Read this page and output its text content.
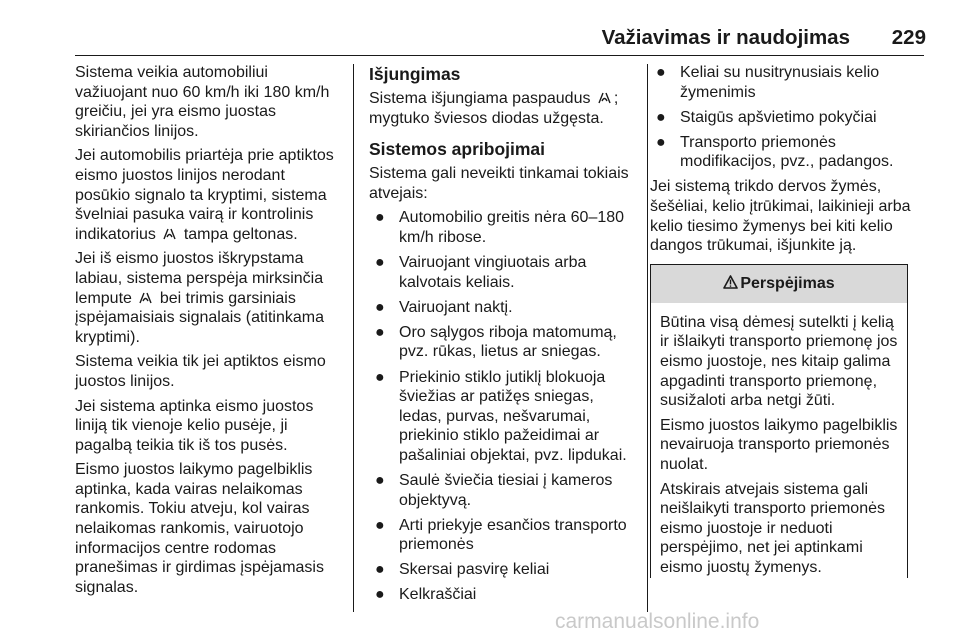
Važiavimas ir naudojimas	229

Sistema veikia automobiliui
važiuojant nuo 60 km/h iki 180 km/h
greičiu, jei yra eismo juostas
skiriančios linijos.

Jei automobilis priartėja prie aptiktos
eismo juostos linijos nerodant
posūkio signalo ta kryptimi, sistema
švelniai pasuka vairą ir kontrolinis
indikatorius  tampa geltonas.

Jei iš eismo juostos iškrypstama
labiau, sistema perspėja mirksinčia
lempute  bei trimis garsiniais
įspėjamaisiais signalais (atitinkama
kryptimi).

Sistema veikia tik jei aptiktos eismo
juostos linijos.

Jei sistema aptinka eismo juostos
liniją tik vienoje kelio pusėje, ji
pagalbą teikia tik iš tos pusės.

Eismo juostos laikymo pagelbiklis
aptinka, kada vairas nelaikomas
rankomis. Tokiu atveju, kol vairas
nelaikomas rankomis, vairuotojo
informacijos centre rodomas
pranešimas ir girdimas įspėjamasis
signalas.

Išjungimas

Sistema išjungiama paspaudus ;
mygtuko šviesos diodas užgęsta.

Sistemos apribojimai

Sistema gali neveikti tinkamai tokiais
atvejais:

● Automobilio greitis nėra 60–180
km/h ribose.
● Vairuojant vingiuotais arba
kalvotais keliais.
● Vairuojant naktį.
● Oro sąlygos riboja matomumą,
pvz. rūkas, lietus ar sniegas.
● Priekinio stiklo jutiklį blokuoja
šviežias ar patižęs sniegas,
ledas, purvas, nešvarumai,
priekinio stiklo pažeidimai ar
pašaliniai objektai, pvz. lipdukai.
● Saulė šviečia tiesiai į kameros
objektyvą.
● Arti priekyje esančios transporto
priemonės
● Skersai pasvirę keliai
● Kelkraščiai
● Keliai su nusitrynusiais kelio
žymenimis
● Staigūs apšvietimo pokyčiai
● Transporto priemonės
modifikacijos, pvz., padangos.

Jei sistemą trikdo dervos žymės,
šešėliai, kelio įtrūkimai, laikinieji arba
kelio tiesimo žymenys bei kiti kelio
dangos trūkumai, išjunkite ją.

Perspėjimas

Būtina visą dėmesį sutelkti į kelią
ir išlaikyti transporto priemonę jos
eismo juostoje, nes kitaip galima
apgadinti transporto priemonę,
susižaloti arba netgi žūti.

Eismo juostos laikymo pagelbiklis
nevairuoja transporto priemonės
nuolat.

Atskirais atvejais sistema gali
neišlaikyti transporto priemonės
eismo juostoje ir neduoti
perspėjimo, net jei aptinkami
eismo juostų žymenys.

carmanualsonline.info
